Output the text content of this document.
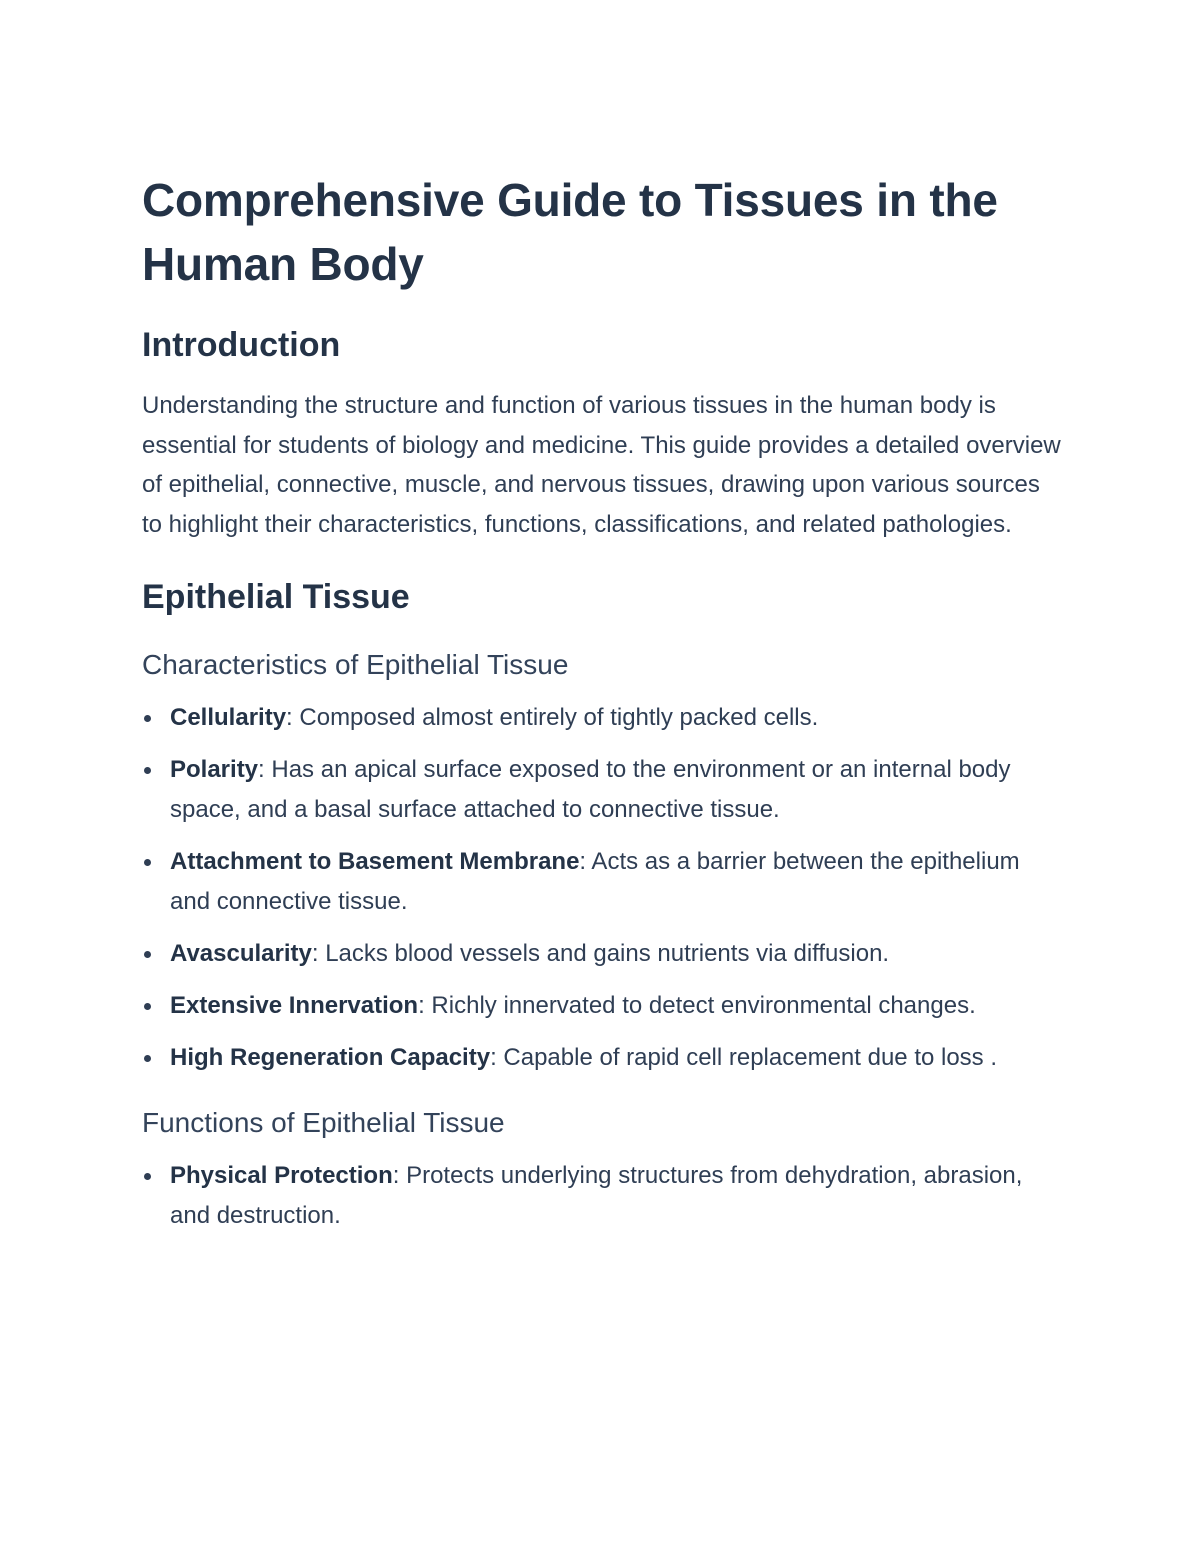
Comprehensive Guide to Tissues in the Human Body
Introduction

Understanding the structure and function of various tissues in the human body is essential for students of biology and medicine. This guide provides a detailed overview of epithelial, connective, muscle, and nervous tissues, drawing upon various sources to highlight their characteristics, functions, classifications, and related pathologies.

Epithelial Tissue
Characteristics of Epithelial Tissue
Cellularity: Composed almost entirely of tightly packed cells.
Polarity: Has an apical surface exposed to the environment or an internal body space, and a basal surface attached to connective tissue.
Attachment to Basement Membrane: Acts as a barrier between the epithelium and connective tissue.
Avascularity: Lacks blood vessels and gains nutrients via diffusion.
Extensive Innervation: Richly innervated to detect environmental changes.
High Regeneration Capacity: Capable of rapid cell replacement due to loss .
Functions of Epithelial Tissue
Physical Protection: Protects underlying structures from dehydration, abrasion, and destruction.
